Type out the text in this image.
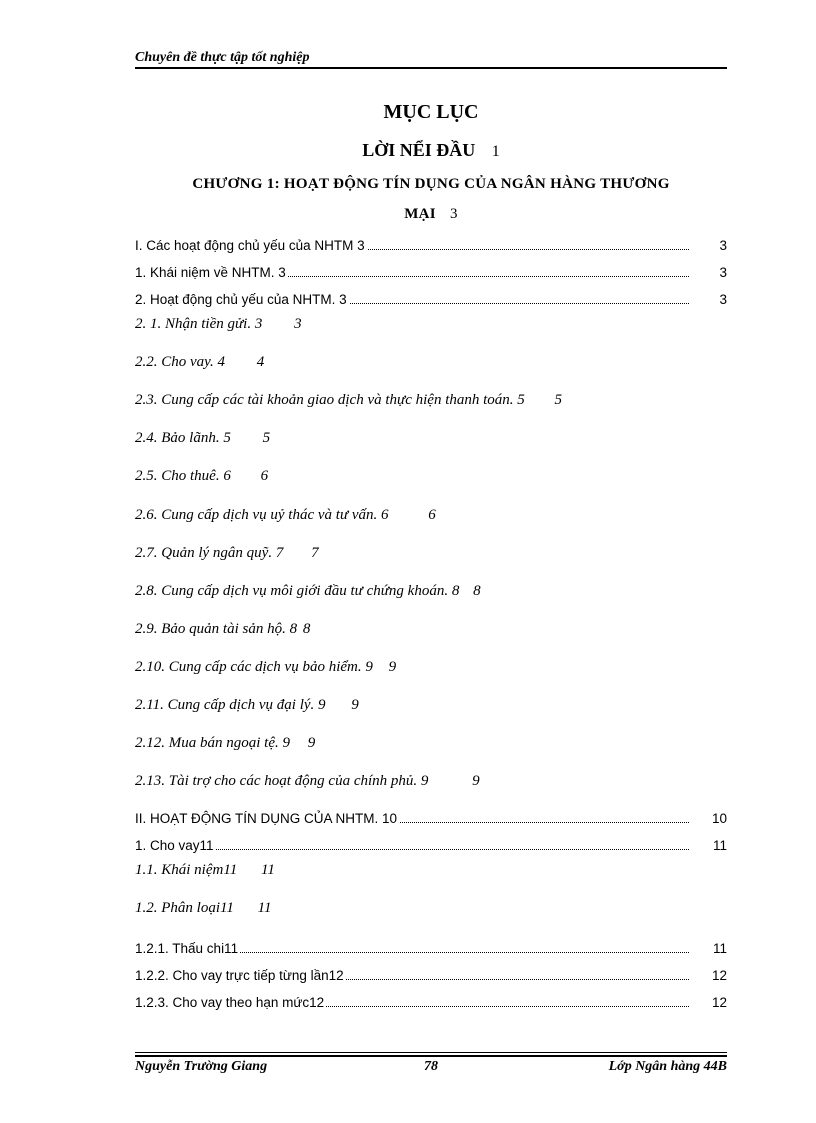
Chuyên đề thực tập tốt nghiệp
MỤC LỤC
LỜI NỂI ĐẦU 1
CHƯƠNG 1: HOẠT ĐỘNG TÍN DỤNG CỦA NGÂN HÀNG THƯƠNG
MẠI 3
I. Các hoạt động chủ yếu của NHTM 3	3
1. Khái niệm về NHTM. 3	3
2. Hoạt động chủ yếu của NHTM. 3	3
2. 1. Nhận tiền gửi. 3 3
2.2. Cho vay. 4 4
2.3. Cung cấp các tài khoản giao dịch và thực hiện thanh toán. 5 5
2.4. Bảo lãnh. 5 5
2.5. Cho thuê. 6 6
2.6. Cung cấp dịch vụ uỷ thác và tư vấn. 6	6
2.7. Quản lý ngân quỹ. 7 7
2.8. Cung cấp dịch vụ môi giới đầu tư chứng khoán. 8 8
2.9. Bảo quản tài sản hộ. 8 8
2.10. Cung cấp các dịch vụ bảo hiểm. 9 9
2.11. Cung cấp dịch vụ đại lý. 9 9
2.12. Mua bán ngoại tệ. 9 9
2.13. Tài trợ cho các hoạt động của chính phủ. 9	9
II. HOẠT ĐỘNG TÍN DỤNG CỦA NHTM. 10	10
1. Cho vay11	11
1.1. Khái niệm11 11
1.2. Phân loại11 11
1.2.1. Thấu chi11	11
1.2.2. Cho vay trực tiếp từng lần12	12
1.2.3. Cho vay theo hạn mức12	12
Nguyễn Trường Giang	78	Lớp Ngân hàng 44B
